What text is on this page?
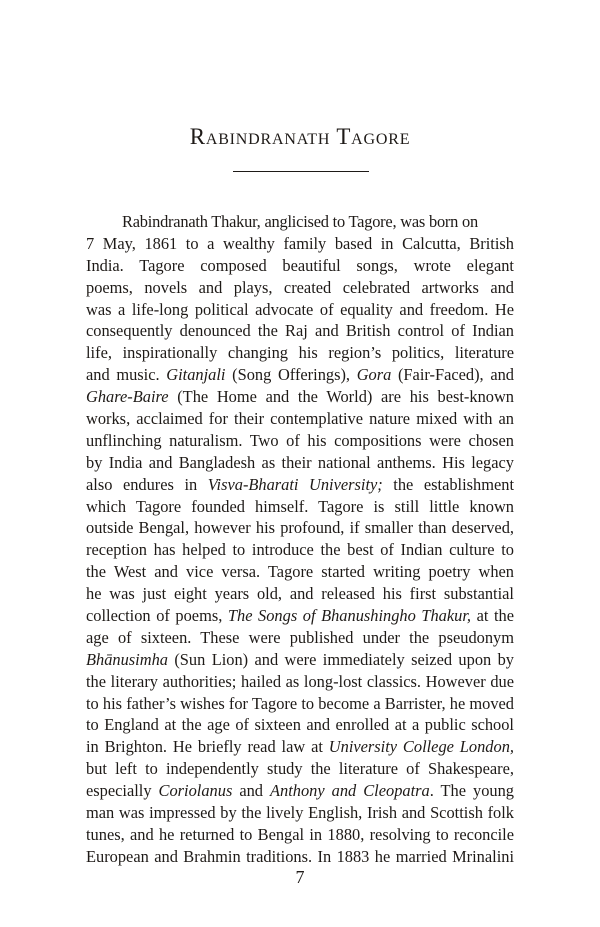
Rabindranath Tagore
Rabindranath Thakur, anglicised to Tagore, was born on
7 May, 1861 to a wealthy family based in Calcutta, British
India. Tagore composed beautiful songs, wrote elegant
poems, novels and plays, created celebrated artworks and
was a life-long political advocate of equality and freedom. He
consequently denounced the Raj and British control of Indian
life, inspirationally changing his region’s politics, literature
and music. Gitanjali (Song Offerings), Gora (Fair-Faced), and
Ghare-Baire (The Home and the World) are his best-known
works, acclaimed for their contemplative nature mixed with an
unflinching naturalism. Two of his compositions were chosen
by India and Bangladesh as their national anthems. His legacy
also endures in Visva-Bharati University; the establishment
which Tagore founded himself. Tagore is still little known
outside Bengal, however his profound, if smaller than deserved,
reception has helped to introduce the best of Indian culture to
the West and vice versa. Tagore started writing poetry when
he was just eight years old, and released his first substantial
collection of poems, The Songs of Bhanushingho Thakur, at the
age of sixteen. These were published under the pseudonym
Bhānusimha (Sun Lion) and were immediately seized upon by
the literary authorities; hailed as long-lost classics. However due
to his father’s wishes for Tagore to become a Barrister, he moved
to England at the age of sixteen and enrolled at a public school
in Brighton. He briefly read law at University College London,
but left to independently study the literature of Shakespeare,
especially Coriolanus and Anthony and Cleopatra. The young
man was impressed by the lively English, Irish and Scottish folk
tunes, and he returned to Bengal in 1880, resolving to reconcile
European and Brahmin traditions. In 1883 he married Mrinalini
7
